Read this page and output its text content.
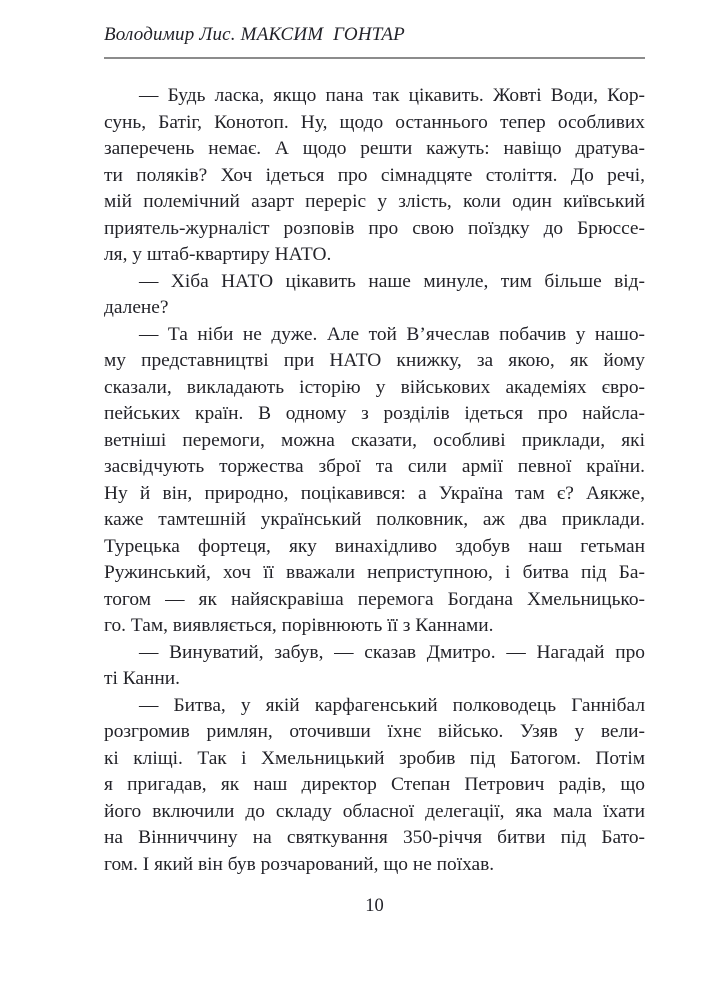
Володимир Лис. МАКСИМ  ГОНТАР
— Будь ласка, якщо пана так цікавить. Жовті Води, Кор-
сунь, Батіг, Конотоп. Ну, щодо останнього тепер особливих
заперечень немає. А щодо решти кажуть: навіщо дратува-
ти поляків? Хоч ідеться про сімнадцяте століття. До речі,
мій полемічний азарт переріс у злість, коли один київський
приятель-журналіст розповів про свою поїздку до Брюссе-
ля, у штаб-квартиру НАТО.
— Хіба НАТО цікавить наше минуле, тим більше від-
далене?
— Та ніби не дуже. Але той В’ячеслав побачив у нашо-
му представництві при НАТО книжку, за якою, як йому
сказали, викладають історію у військових академіях євро-
пейських країн. В одному з розділів ідеться про найсла-
ветніші перемоги, можна сказати, особливі приклади, які
засвідчують торжества зброї та сили армії певної країни.
Ну й він, природно, поцікавився: а Україна там є? Аякже,
каже тамтешній український полковник, аж два приклади.
Турецька фортеця, яку винахідливо здобув наш гетьман
Ружинський, хоч її вважали неприступною, і битва під Ба-
тогом — як найяскравіша перемога Богдана Хмельницько-
го. Там, виявляється, порівнюють її з Каннами.
— Винуватий, забув, — сказав Дмитро. — Нагадай про
ті Канни.
— Битва, у якій карфагенський полководець Ганнібал
розгромив римлян, оточивши їхнє військо. Узяв у вели-
кі кліщі. Так і Хмельницький зробив під Батогом. Потім
я пригадав, як наш директор Степан Петрович радів, що
його включили до складу обласної делегації, яка мала їхати
на Вінниччину на святкування 350-річчя битви під Бато-
гом. І який він був розчарований, що не поїхав.
10
